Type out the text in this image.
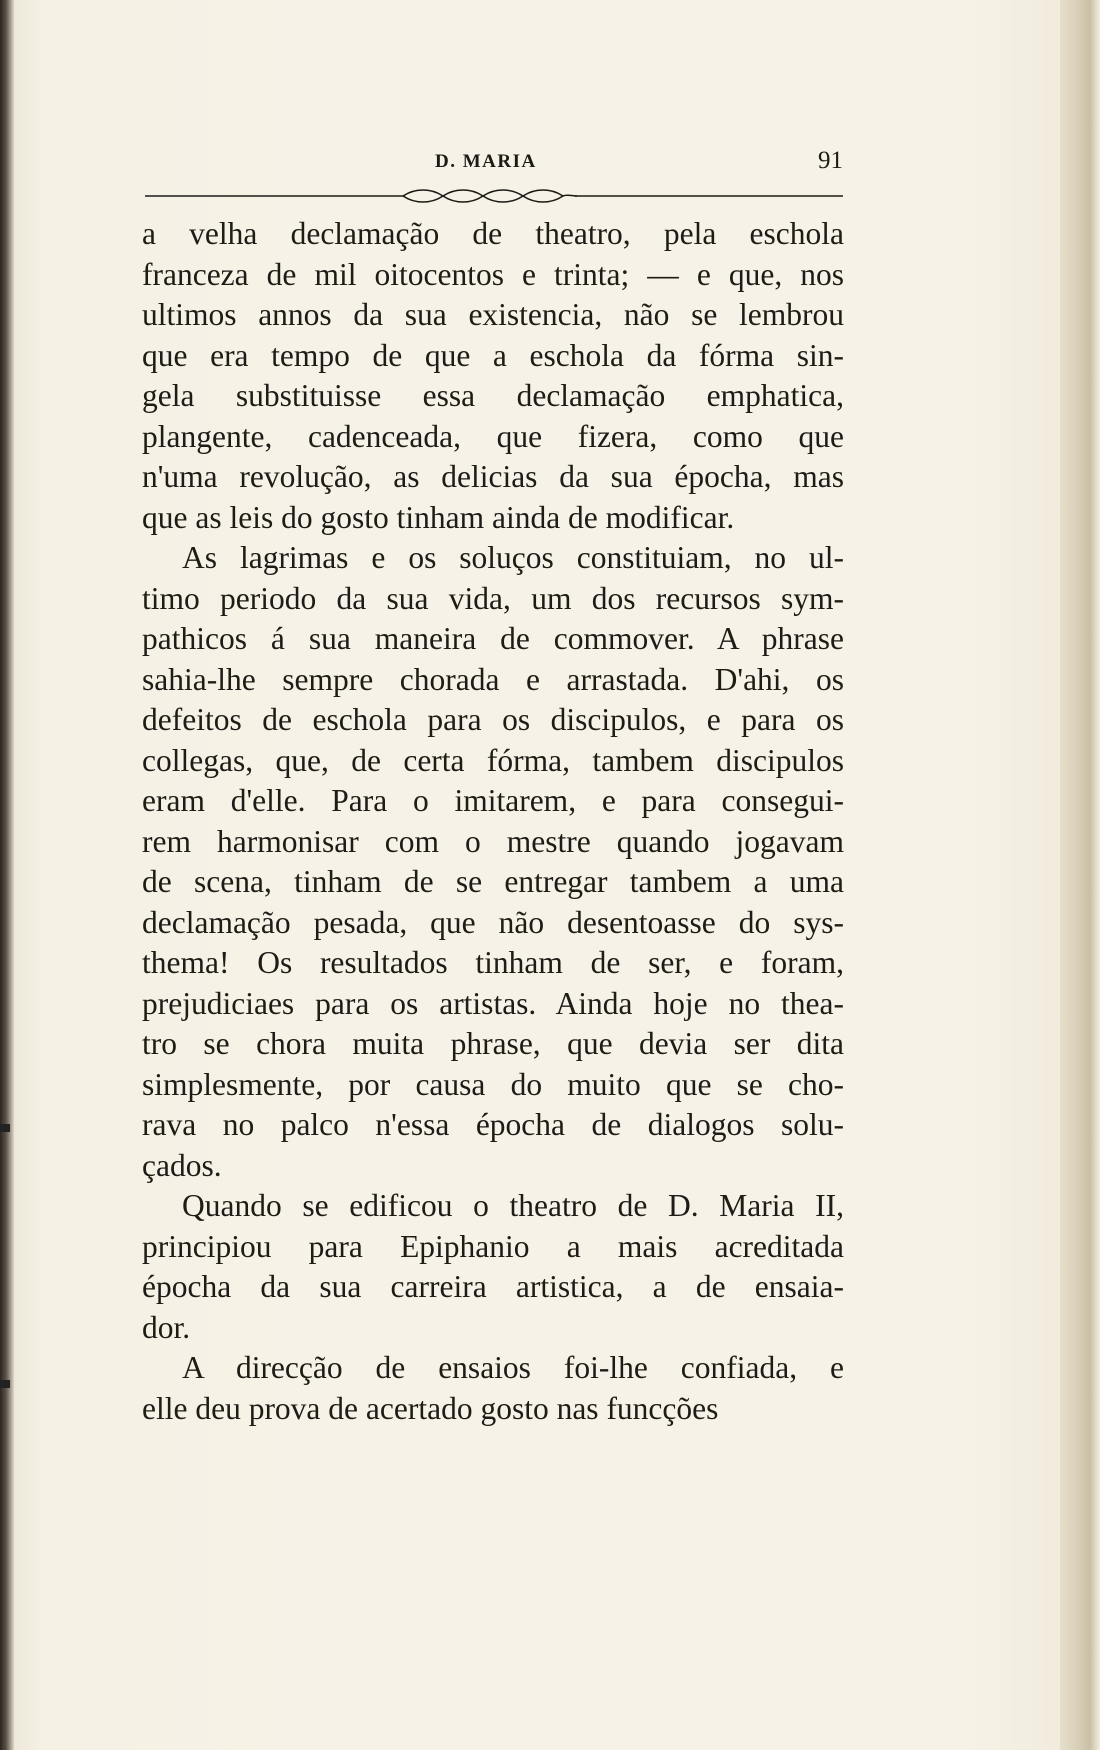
D. MARIA	91
a velha declamação de theatro, pela eschola
franceza de mil oitocentos e trinta; — e que, nos
ultimos annos da sua existencia, não se lembrou
que era tempo de que a eschola da fórma sin-
gela substituisse essa declamação emphatica,
plangente, cadenceada, que fizera, como que
n'uma revolução, as delicias da sua épocha, mas
que as leis do gosto tinham ainda de modificar.
As lagrimas e os soluços constituiam, no ul-
timo periodo da sua vida, um dos recursos sym-
pathicos á sua maneira de commover. A phrase
sahia-lhe sempre chorada e arrastada. D'ahi, os
defeitos de eschola para os discipulos, e para os
collegas, que, de certa fórma, tambem discipulos
eram d'elle. Para o imitarem, e para consegui-
rem harmonisar com o mestre quando jogavam
de scena, tinham de se entregar tambem a uma
declamação pesada, que não desentoasse do sys-
thema! Os resultados tinham de ser, e foram,
prejudiciaes para os artistas. Ainda hoje no thea-
tro se chora muita phrase, que devia ser dita
simplesmente, por causa do muito que se cho-
rava no palco n'essa épocha de dialogos solu-
çados.
Quando se edificou o theatro de D. Maria II,
principiou para Epiphanio a mais acreditada
épocha da sua carreira artistica, a de ensaia-
dor.
A direcção de ensaios foi-lhe confiada, e
elle deu prova de acertado gosto nas funcções
